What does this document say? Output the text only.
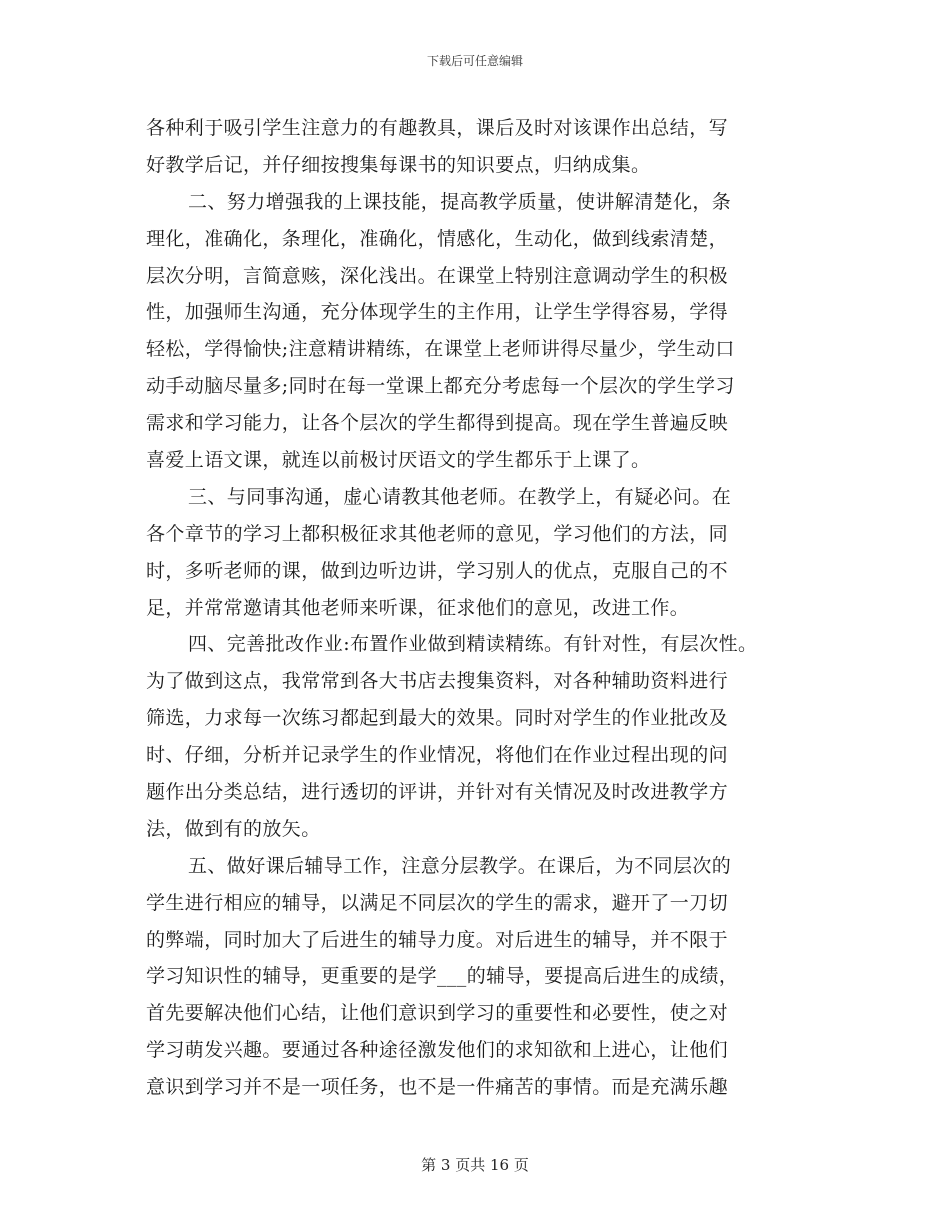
下载后可任意编辑
各种利于吸引学生注意力的有趣教具，课后及时对该课作出总结，写
好教学后记，并仔细按搜集每课书的知识要点，归纳成集。
二、努力增强我的上课技能，提高教学质量，使讲解清楚化，条
理化，准确化，条理化，准确化，情感化，生动化，做到线索清楚，
层次分明，言简意赅，深化浅出。在课堂上特别注意调动学生的积极
性，加强师生沟通，充分体现学生的主作用，让学生学得容易，学得
轻松，学得愉快;注意精讲精练，在课堂上老师讲得尽量少，学生动口
动手动脑尽量多;同时在每一堂课上都充分考虑每一个层次的学生学习
需求和学习能力，让各个层次的学生都得到提高。现在学生普遍反映
喜爱上语文课，就连以前极讨厌语文的学生都乐于上课了。
三、与同事沟通，虚心请教其他老师。在教学上，有疑必问。在
各个章节的学习上都积极征求其他老师的意见，学习他们的方法，同
时，多听老师的课，做到边听边讲，学习别人的优点，克服自己的不
足，并常常邀请其他老师来听课，征求他们的意见，改进工作。
四、完善批改作业:布置作业做到精读精练。有针对性，有层次性。
为了做到这点，我常常到各大书店去搜集资料，对各种辅助资料进行
筛选，力求每一次练习都起到最大的效果。同时对学生的作业批改及
时、仔细，分析并记录学生的作业情况，将他们在作业过程出现的问
题作出分类总结，进行透切的评讲，并针对有关情况及时改进教学方
法，做到有的放矢。
五、做好课后辅导工作，注意分层教学。在课后，为不同层次的
学生进行相应的辅导，以满足不同层次的学生的需求，避开了一刀切
的弊端，同时加大了后进生的辅导力度。对后进生的辅导，并不限于
学习知识性的辅导，更重要的是学___的辅导，要提高后进生的成绩，
首先要解决他们心结，让他们意识到学习的重要性和必要性，使之对
学习萌发兴趣。要通过各种途径激发他们的求知欲和上进心，让他们
意识到学习并不是一项任务，也不是一件痛苦的事情。而是充满乐趣
第 3 页共 16 页
